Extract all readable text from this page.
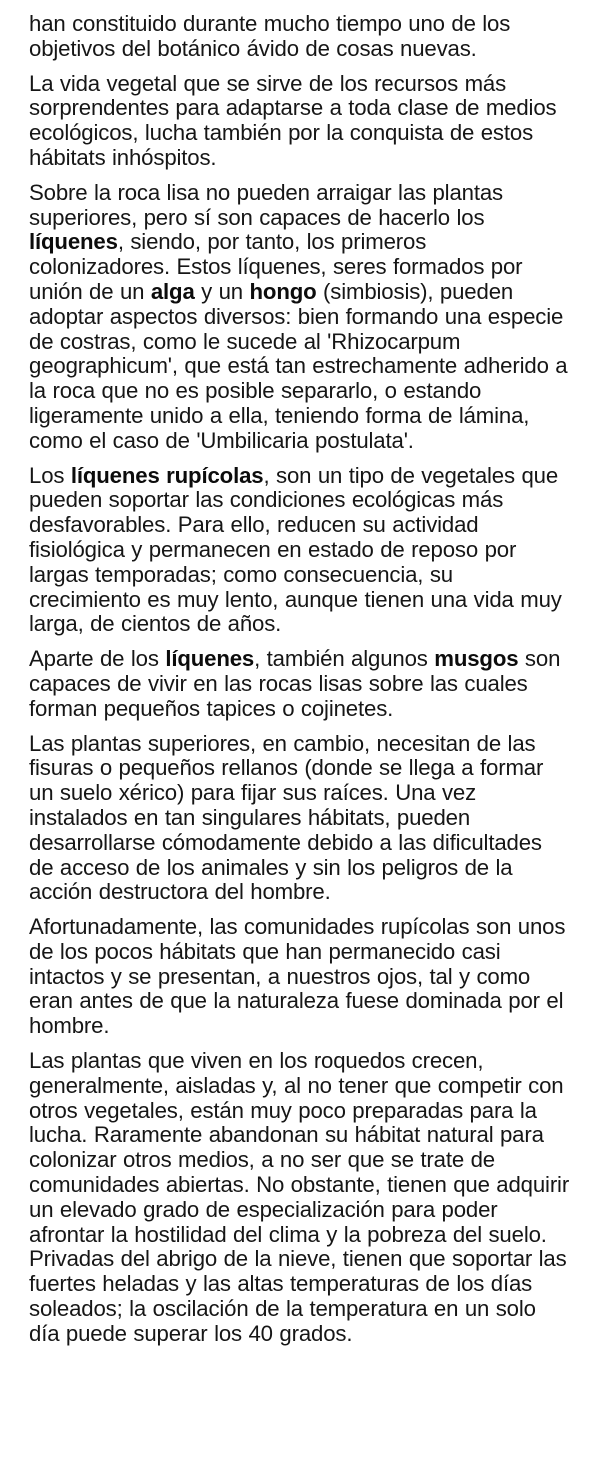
han constituido durante mucho tiempo uno de los objetivos del botánico ávido de cosas nuevas.

La vida vegetal que se sirve de los recursos más sorprendentes para adaptarse a toda clase de medios ecológicos, lucha también por la conquista de estos hábitats inhóspitos.

Sobre la roca lisa no pueden arraigar las plantas superiores, pero sí son capaces de hacerlo los líquenes, siendo, por tanto, los primeros colonizadores. Estos líquenes, seres formados por unión de un alga y un hongo (simbiosis), pueden adoptar aspectos diversos: bien formando una especie de costras, como le sucede al 'Rhizocarpum geographicum', que está tan estrechamente adherido a la roca que no es posible separarlo, o estando ligeramente unido a ella, teniendo forma de lámina, como el caso de 'Umbilicaria postulata'.

Los líquenes rupícolas, son un tipo de vegetales que pueden soportar las condiciones ecológicas más desfavorables. Para ello, reducen su actividad fisiológica y permanecen en estado de reposo por largas temporadas; como consecuencia, su crecimiento es muy lento, aunque tienen una vida muy larga, de cientos de años.

Aparte de los líquenes, también algunos musgos son capaces de vivir en las rocas lisas sobre las cuales forman pequeños tapices o cojinetes.

Las plantas superiores, en cambio, necesitan de las fisuras o pequeños rellanos (donde se llega a formar un suelo xérico) para fijar sus raíces. Una vez instalados en tan singulares hábitats, pueden desarrollarse cómodamente debido a las dificultades de acceso de los animales y sin los peligros de la acción destructora del hombre.

Afortunadamente, las comunidades rupícolas son unos de los pocos hábitats que han permanecido casi intactos y se presentan, a nuestros ojos, tal y como eran antes de que la naturaleza fuese dominada por el hombre.

Las plantas que viven en los roquedos crecen, generalmente, aisladas y, al no tener que competir con otros vegetales, están muy poco preparadas para la lucha. Raramente abandonan su hábitat natural para colonizar otros medios, a no ser que se trate de comunidades abiertas. No obstante, tienen que adquirir un elevado grado de especialización para poder afrontar la hostilidad del clima y la pobreza del suelo. Privadas del abrigo de la nieve, tienen que soportar las fuertes heladas y las altas temperaturas de los días soleados; la oscilación de la temperatura en un solo día puede superar los 40 grados.
